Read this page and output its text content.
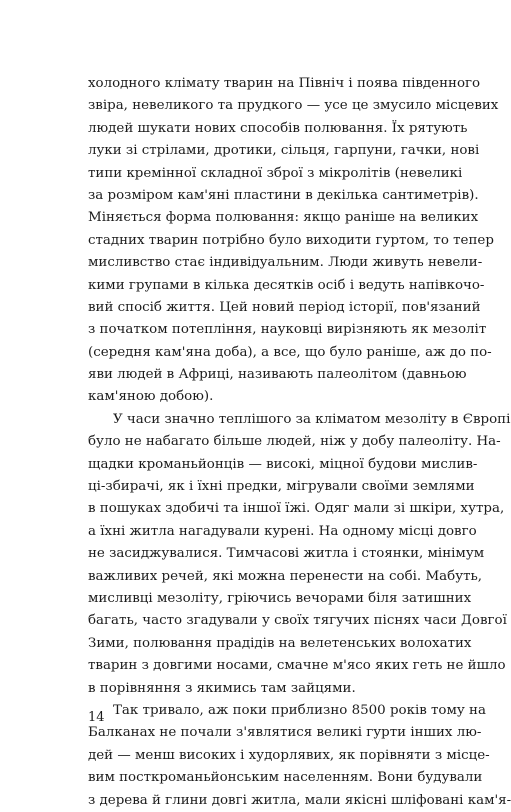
холодного клімату тварин на Північ і поява південного
звіра, невеликого та прудкого — усе це змусило місцевих
людей шукати нових способів полювання. Їх рятують
луки зі стрілами, дротики, сільця, гарпуни, гачки, нові
типи кремінної складної зброї з мікролітів (невеликі
за розміром кам'яні пластини в декілька сантиметрів).
Міняється форма полювання: якщо раніше на великих
стадних тварин потрібно було виходити гуртом, то тепер
мисливство стає індивідуальним. Люди живуть невели-
кими групами в кілька десятків осіб і ведуть напівкочо-
вий спосіб життя. Цей новий період історії, пов'язаний
з початком потепління, науковці вирізняють як мезоліт
(середня кам'яна доба), а все, що було раніше, аж до по-
яви людей в Африці, називають палеолітом (давньою
кам'яною добою).
У часи значно теплішого за кліматом мезоліту в Європі
було не набагато більше людей, ніж у добу палеоліту. На-
щадки кроманьйонців — високі, міцної будови мислив-
ці-збирачі, як і їхні предки, мігрували своїми землями
в пошуках здобичі та іншої їжі. Одяг мали зі шкіри, хутра,
а їхні житла нагадували курені. На одному місці довго
не засиджувалися. Тимчасові житла і стоянки, мінімум
важливих речей, які можна перенести на собі. Мабуть,
мисливці мезоліту, гріючись вечорами біля затишних
багать, часто згадували у своїх тягучих піснях часи Довгої
Зими, полювання прадідів на велетенських волохатих
тварин з довгими носами, смачне м'ясо яких геть не йшло
в порівняння з якимись там зайцями.
Так тривало, аж поки приблизно 8500 років тому на
Балканах не почали з'являтися великі гурти інших лю-
дей — менш високих і худорлявих, як порівняти з місце-
вим посткроманьйонським населенням. Вони будували
з дерева й глини довгі житла, мали якісні шліфовані кам'я-
14
